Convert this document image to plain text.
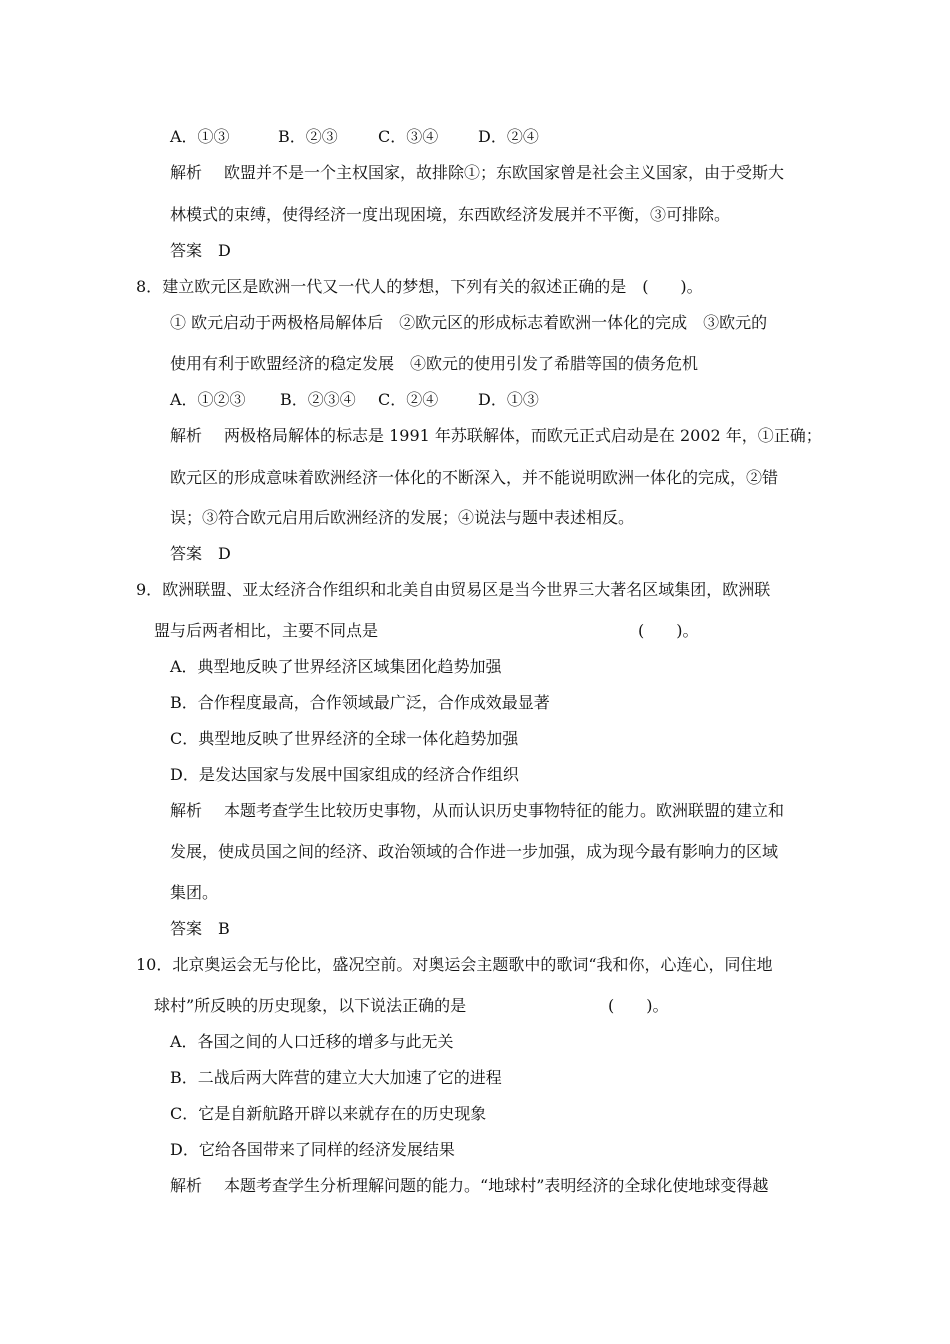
A．①③	B．②③	C．③④ D．②④
解析 欧盟并不是一个主权国家，故排除①；东欧国家曾是社会主义国家，由于受斯大
林模式的束缚，使得经济一度出现困境，东西欧经济发展并不平衡，③可排除。
答案 D
8．建立欧元区是欧洲一代又一代人的梦想，下列有关的叙述正确的是　(　　)。
① 欧元启动于两极格局解体后　②欧元区的形成标志着欧洲一体化的完成　③欧元的
使用有利于欧盟经济的稳定发展　④欧元的使用引发了希腊等国的债务危机
A．①②③ B．②③④ C．②④ D．①③
解析 两极格局解体的标志是 1991 年苏联解体，而欧元正式启动是在 2002 年，①正确；
欧元区的形成意味着欧洲经济一体化的不断深入，并不能说明欧洲一体化的完成，②错
误；③符合欧元启用后欧洲经济的发展；④说法与题中表述相反。
答案 D
9．欧洲联盟、亚太经济合作组织和北美自由贸易区是当今世界三大著名区域集团，欧洲联
盟与后两者相比，主要不同点是	(　　)。
A．典型地反映了世界经济区域集团化趋势加强
B．合作程度最高，合作领域最广泛，合作成效最显著
C．典型地反映了世界经济的全球一体化趋势加强
D．是发达国家与发展中国家组成的经济合作组织
解析 本题考查学生比较历史事物，从而认识历史事物特征的能力。欧洲联盟的建立和
发展，使成员国之间的经济、政治领域的合作进一步加强，成为现今最有影响力的区域
集团。
答案 B
10．北京奥运会无与伦比，盛况空前。对奥运会主题歌中的歌词“我和你，心连心，同住地
球村”所反映的历史现象，以下说法正确的是	(　　)。
A．各国之间的人口迁移的增多与此无关
B．二战后两大阵营的建立大大加速了它的进程
C．它是自新航路开辟以来就存在的历史现象
D．它给各国带来了同样的经济发展结果
解析 本题考查学生分析理解问题的能力。“地球村”表明经济的全球化使地球变得越
